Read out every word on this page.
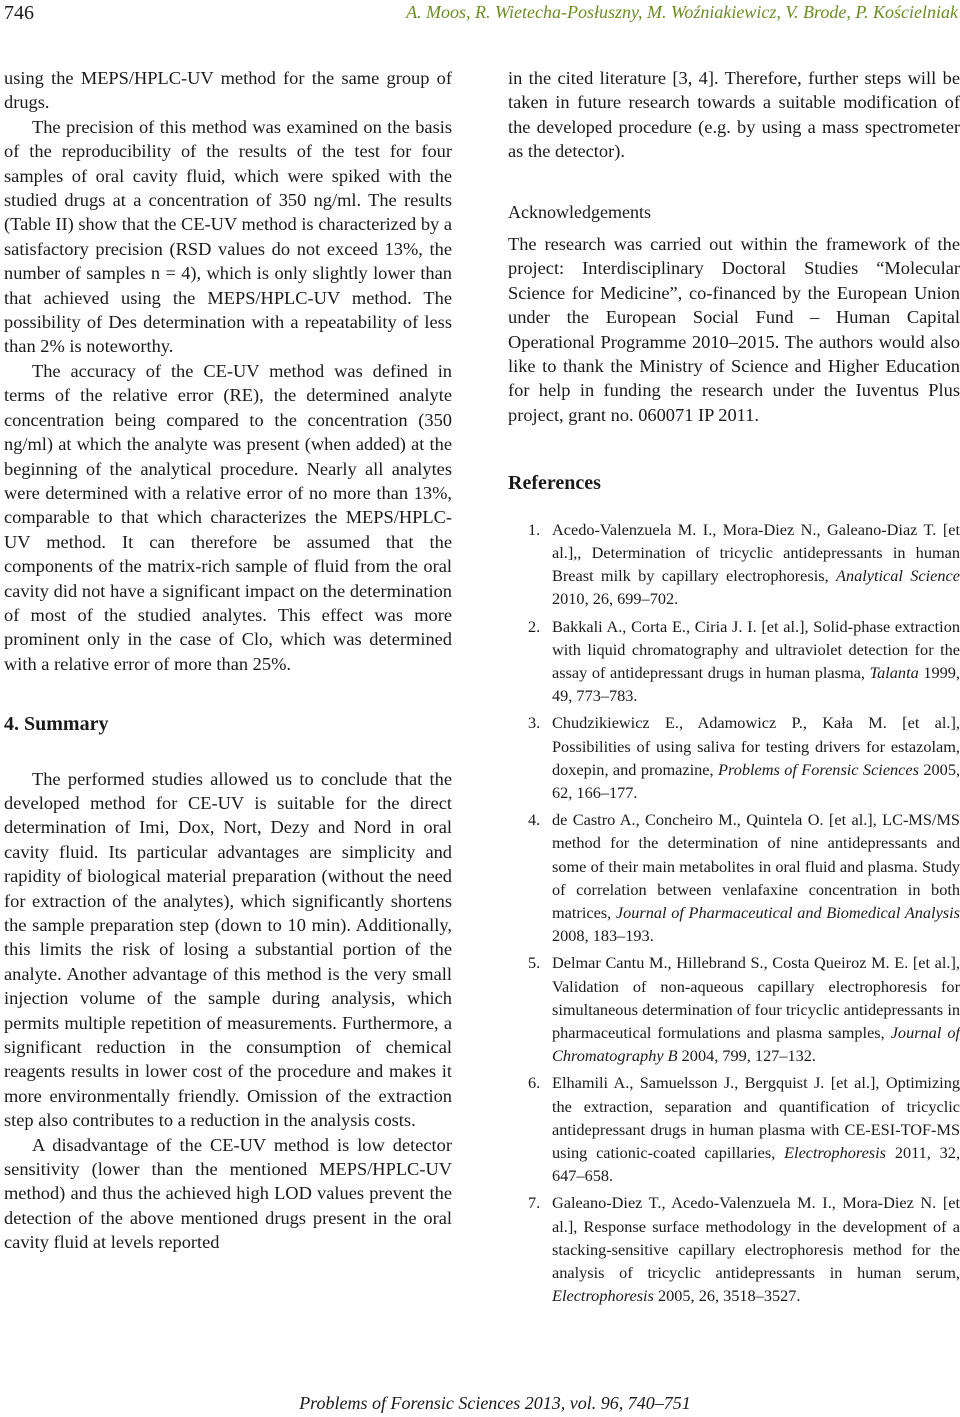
746	A. Moos, R. Wietecha-Posłuszny, M. Woźniakiewicz, V. Brode, P. Kościelniak

using the MEPS/HPLC-UV method for the same group of drugs.

The precision of this method was examined on the basis of the reproducibility of the results of the test for four samples of oral cavity fluid, which were spiked with the studied drugs at a concentration of 350 ng/ml. The results (Table II) show that the CE-UV method is characterized by a satisfactory precision (RSD values do not exceed 13%, the number of samples n = 4), which is only slightly lower than that achieved using the MEPS/HPLC-UV method. The possibility of Des determination with a repeatability of less than 2% is noteworthy.

The accuracy of the CE-UV method was defined in terms of the relative error (RE), the determined analyte concentration being compared to the concentration (350 ng/ml) at which the analyte was present (when added) at the beginning of the analytical procedure. Nearly all analytes were determined with a relative error of no more than 13%, comparable to that which characterizes the MEPS/HPLC-UV method. It can therefore be assumed that the components of the matrix-rich sample of fluid from the oral cavity did not have a significant impact on the determination of most of the studied analytes. This effect was more prominent only in the case of Clo, which was determined with a relative error of more than 25%.

4. Summary

The performed studies allowed us to conclude that the developed method for CE-UV is suitable for the direct determination of Imi, Dox, Nort, Dezy and Nord in oral cavity fluid. Its particular advantages are simplicity and rapidity of biological material preparation (without the need for extraction of the analytes), which significantly shortens the sample preparation step (down to 10 min). Additionally, this limits the risk of losing a substantial portion of the analyte. Another advantage of this method is the very small injection volume of the sample during analysis, which permits multiple repetition of measurements. Furthermore, a significant reduction in the consumption of chemical reagents results in lower cost of the procedure and makes it more environmentally friendly. Omission of the extraction step also contributes to a reduction in the analysis costs.

A disadvantage of the CE-UV method is low detector sensitivity (lower than the mentioned MEPS/HPLC-UV method) and thus the achieved high LOD values prevent the detection of the above mentioned drugs present in the oral cavity fluid at levels reported

in the cited literature [3, 4]. Therefore, further steps will be taken in future research towards a suitable modification of the developed procedure (e.g. by using a mass spectrometer as the detector).

Acknowledgements

The research was carried out within the framework of the project: Interdisciplinary Doctoral Studies “Molecular Science for Medicine”, co-financed by the European Union under the European Social Fund – Human Capital Operational Programme 2010–2015. The authors would also like to thank the Ministry of Science and Higher Education for help in funding the research under the Iuventus Plus project, grant no. 060071 IP 2011.

References
1. Acedo-Valenzuela M. I., Mora-Diez N., Galeano-Diaz T. [et al.],, Determination of tricyclic antidepressants in human Breast milk by capillary electrophoresis, Analytical Science 2010, 26, 699–702.
2. Bakkali A., Corta E., Ciria J. I. [et al.], Solid-phase extraction with liquid chromatography and ultraviolet detection for the assay of antidepressant drugs in human plasma, Talanta 1999, 49, 773–783.
3. Chudzikiewicz E., Adamowicz P., Kała M. [et al.], Possibilities of using saliva for testing drivers for estazolam, doxepin, and promazine, Problems of Forensic Sciences 2005, 62, 166–177.
4. de Castro A., Concheiro M., Quintela O. [et al.], LC-MS/MS method for the determination of nine antidepressants and some of their main metabolites in oral fluid and plasma. Study of correlation between venlafaxine concentration in both matrices, Journal of Pharmaceutical and Biomedical Analysis 2008, 183–193.
5. Delmar Cantu M., Hillebrand S., Costa Queiroz M. E. [et al.], Validation of non-aqueous capillary electrophoresis for simultaneous determination of four tricyclic antidepressants in pharmaceutical formulations and plasma samples, Journal of Chromatography B 2004, 799, 127–132.
6. Elhamili A., Samuelsson J., Bergquist J. [et al.], Optimizing the extraction, separation and quantification of tricyclic antidepressant drugs in human plasma with CE-ESI-TOF-MS using cationic-coated capillaries, Electrophoresis 2011, 32, 647–658.
7. Galeano-Diez T., Acedo-Valenzuela M. I., Mora-Diez N. [et al.], Response surface methodology in the development of a stacking-sensitive capillary electrophoresis method for the analysis of tricyclic antidepressants in human serum, Electrophoresis 2005, 26, 3518–3527.
Problems of Forensic Sciences 2013, vol. 96, 740–751
